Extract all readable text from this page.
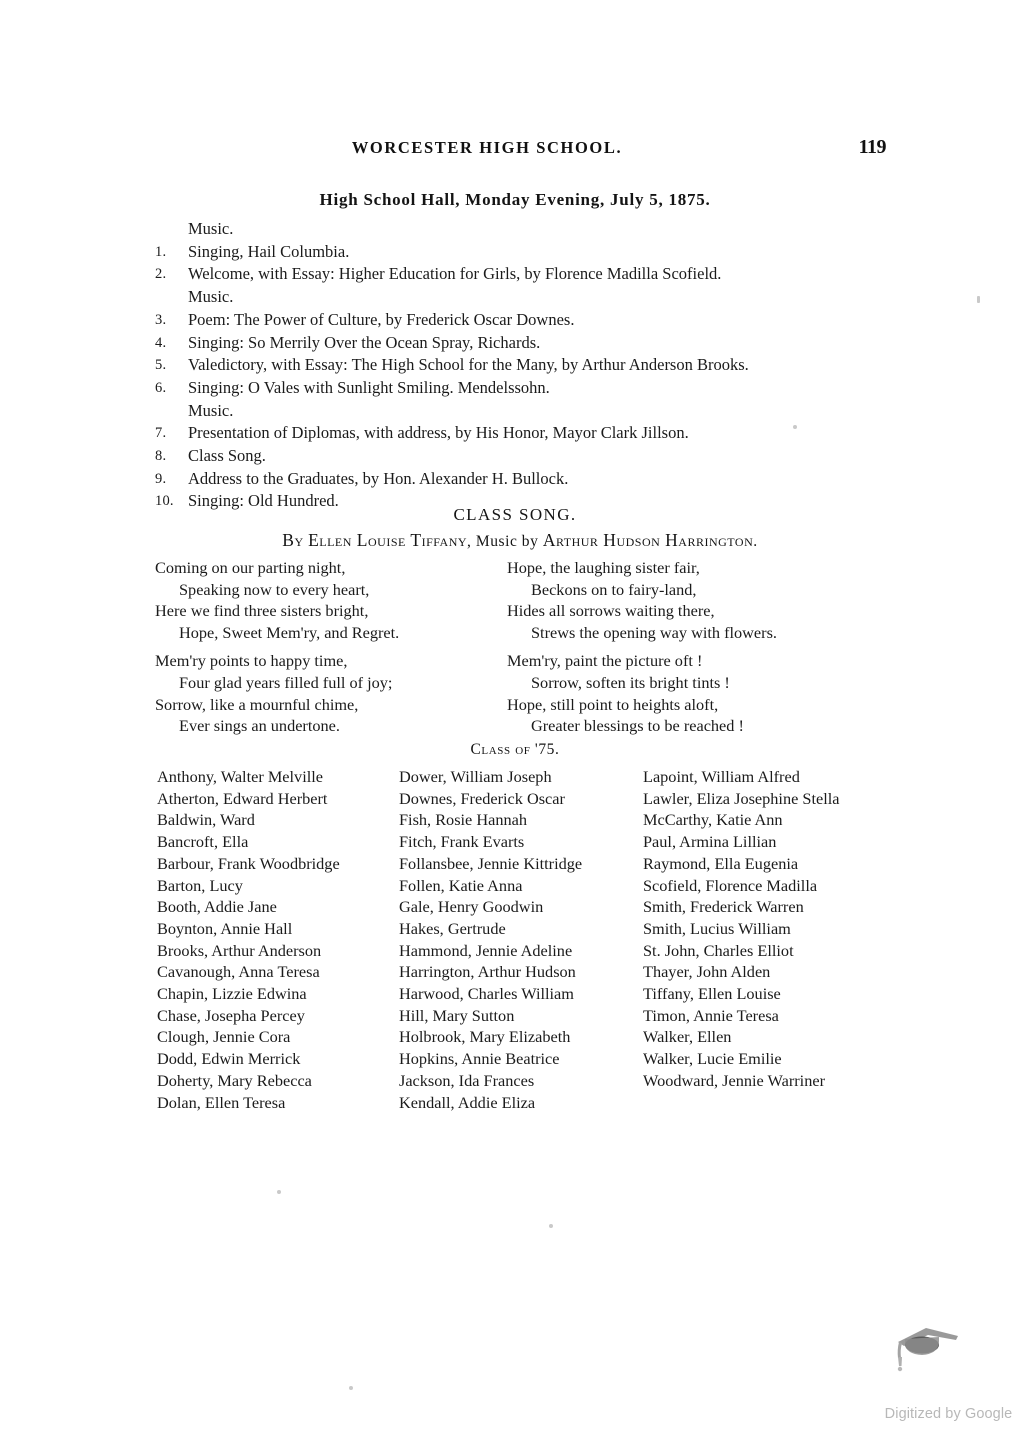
WORCESTER HIGH SCHOOL.	119
High School Hall, Monday Evening, July 5, 1875.
Music.
1.	Singing, Hail Columbia.
2.	Welcome, with Essay: Higher Education for Girls, by Florence Madilla Scofield.
Music.
3.	Poem: The Power of Culture, by Frederick Oscar Downes.
4.	Singing: So Merrily Over the Ocean Spray, Richards.
5.	Valedictory, with Essay: The High School for the Many, by Arthur Anderson Brooks.
6.	Singing: O Vales with Sunlight Smiling. Mendelssohn.
Music.
7.	Presentation of Diplomas, with address, by His Honor, Mayor Clark Jillson.
8.	Class Song.
9.	Address to the Graduates, by Hon. Alexander H. Bullock.
10. Singing: Old Hundred.
CLASS SONG.
By Ellen Louise Tiffany, Music by Arthur Hudson Harrington.
Coming on our parting night,
Speaking now to every heart,
Here we find three sisters bright,
Hope, Sweet Mem'ry, and Regret.
Mem'ry points to happy time,
Four glad years filled full of joy;
Sorrow, like a mournful chime,
Ever sings an undertone.
Hope, the laughing sister fair,
Beckons on to fairy-land,
Hides all sorrows waiting there,
Strews the opening way with flowers.
Mem'ry, paint the picture oft !
Sorrow, soften its bright tints !
Hope, still point to heights aloft,
Greater blessings to be reached !
Class of '75.
Anthony, Walter Melville
Atherton, Edward Herbert
Baldwin, Ward
Bancroft, Ella
Barbour, Frank Woodbridge
Barton, Lucy
Booth, Addie Jane
Boynton, Annie Hall
Brooks, Arthur Anderson
Cavanough, Anna Teresa
Chapin, Lizzie Edwina
Chase, Josepha Percey
Clough, Jennie Cora
Dodd, Edwin Merrick
Doherty, Mary Rebecca
Dolan, Ellen Teresa
Dower, William Joseph
Downes, Frederick Oscar
Fish, Rosie Hannah
Fitch, Frank Evarts
Follansbee, Jennie Kittridge
Follen, Katie Anna
Gale, Henry Goodwin
Hakes, Gertrude
Hammond, Jennie Adeline
Harrington, Arthur Hudson
Harwood, Charles William
Hill, Mary Sutton
Holbrook, Mary Elizabeth
Hopkins, Annie Beatrice
Jackson, Ida Frances
Kendall, Addie Eliza
Lapoint, William Alfred
Lawler, Eliza Josephine Stella
McCarthy, Katie Ann
Paul, Armina Lillian
Raymond, Ella Eugenia
Scofield, Florence Madilla
Smith, Frederick Warren
Smith, Lucius William
St. John, Charles Elliot
Thayer, John Alden
Tiffany, Ellen Louise
Timon, Annie Teresa
Walker, Ellen
Walker, Lucie Emilie
Woodward, Jennie Warriner
Digitized by Google
